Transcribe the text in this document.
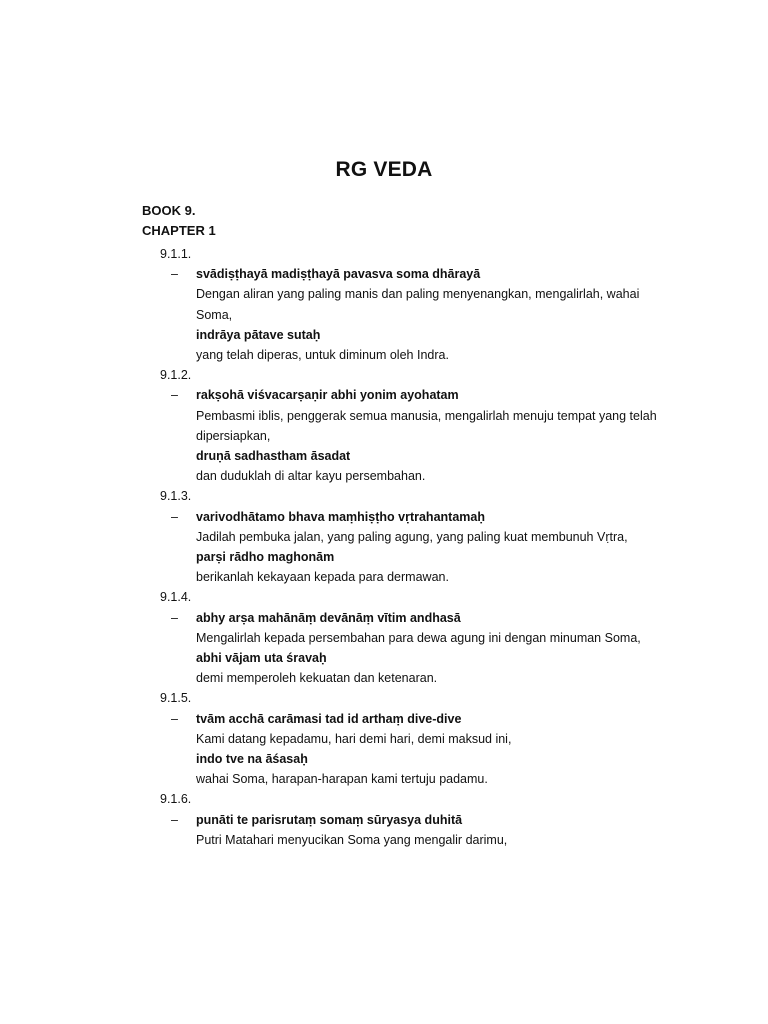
RG VEDA
BOOK 9.
CHAPTER 1
9.1.1.
– svādiṣṭhayā madiṣṭhayā pavasva soma dhārayā
Dengan aliran yang paling manis dan paling menyenangkan, mengalirlah, wahai Soma,
indrāya pātave sutaḥ
yang telah diperas, untuk diminum oleh Indra.
9.1.2.
– rakṣohā viśvacarṣaṇir abhi yonim ayohatam
Pembasmi iblis, penggerak semua manusia, mengalirlah menuju tempat yang telah dipersiapkan,
druṇā sadhastham āsadat
dan duduklah di altar kayu persembahan.
9.1.3.
– varivodhātamo bhava maṃhiṣṭho vṛtrahantamaḥ
Jadilah pembuka jalan, yang paling agung, yang paling kuat membunuh Vṛtra,
parṣi rādho maghonām
berikanlah kekayaan kepada para dermawan.
9.1.4.
– abhy arṣa mahānāṃ devānāṃ vītim andhasā
Mengalirlah kepada persembahan para dewa agung ini dengan minuman Soma,
abhi vājam uta śravaḥ
demi memperoleh kekuatan dan ketenaran.
9.1.5.
– tvām acchā carāmasi tad id arthaṃ dive-dive
Kami datang kepadamu, hari demi hari, demi maksud ini,
indo tve na āśasaḥ
wahai Soma, harapan-harapan kami tertuju padamu.
9.1.6.
– punāti te parisrutaṃ somaṃ sūryasya duhitā
Putri Matahari menyucikan Soma yang mengalir darimu,
